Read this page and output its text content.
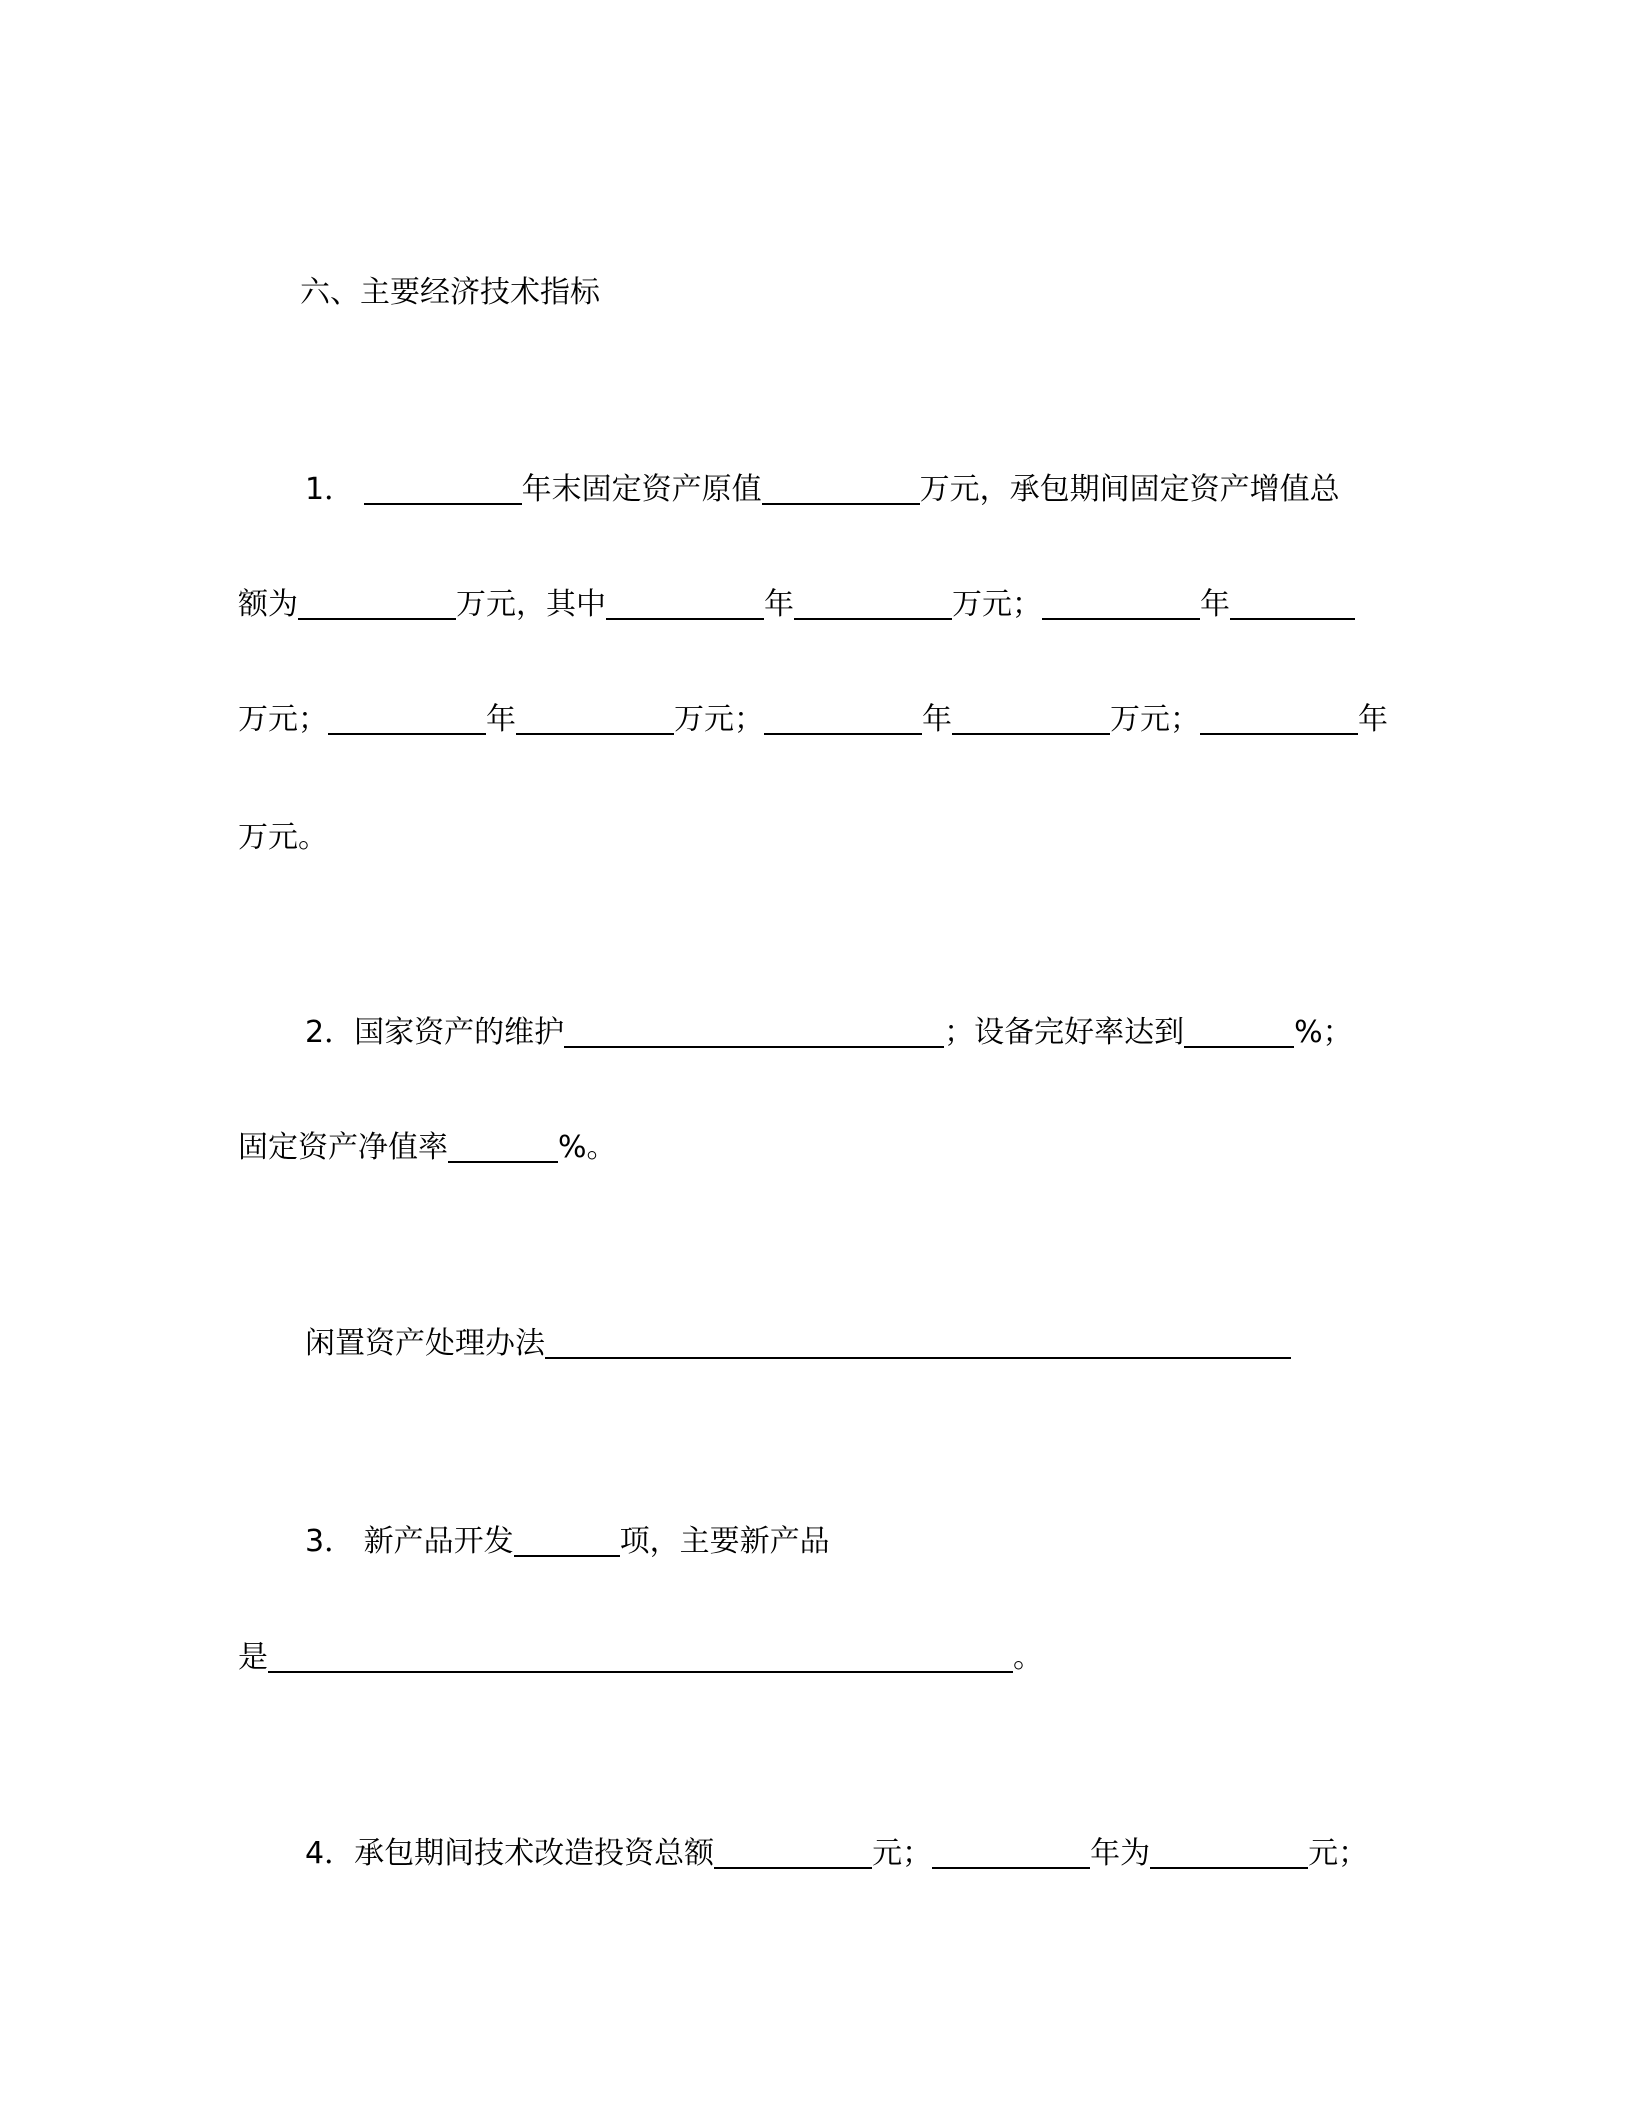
六、主要经济技术指标
1．	年末固定资产原值	万元，承包期间固定资产增值总
额为	万元，其中	年	万元；	年
万元；	年	万元；	年	万元；	年
万元。
2．国家资产的维护	；设备完好率达到	%；
固定资产净值率	%。
闲置资产处理办法
3． 新产品开发	项，主要新产品
是	。
4．承包期间技术改造投资总额	元；	年为	元；
